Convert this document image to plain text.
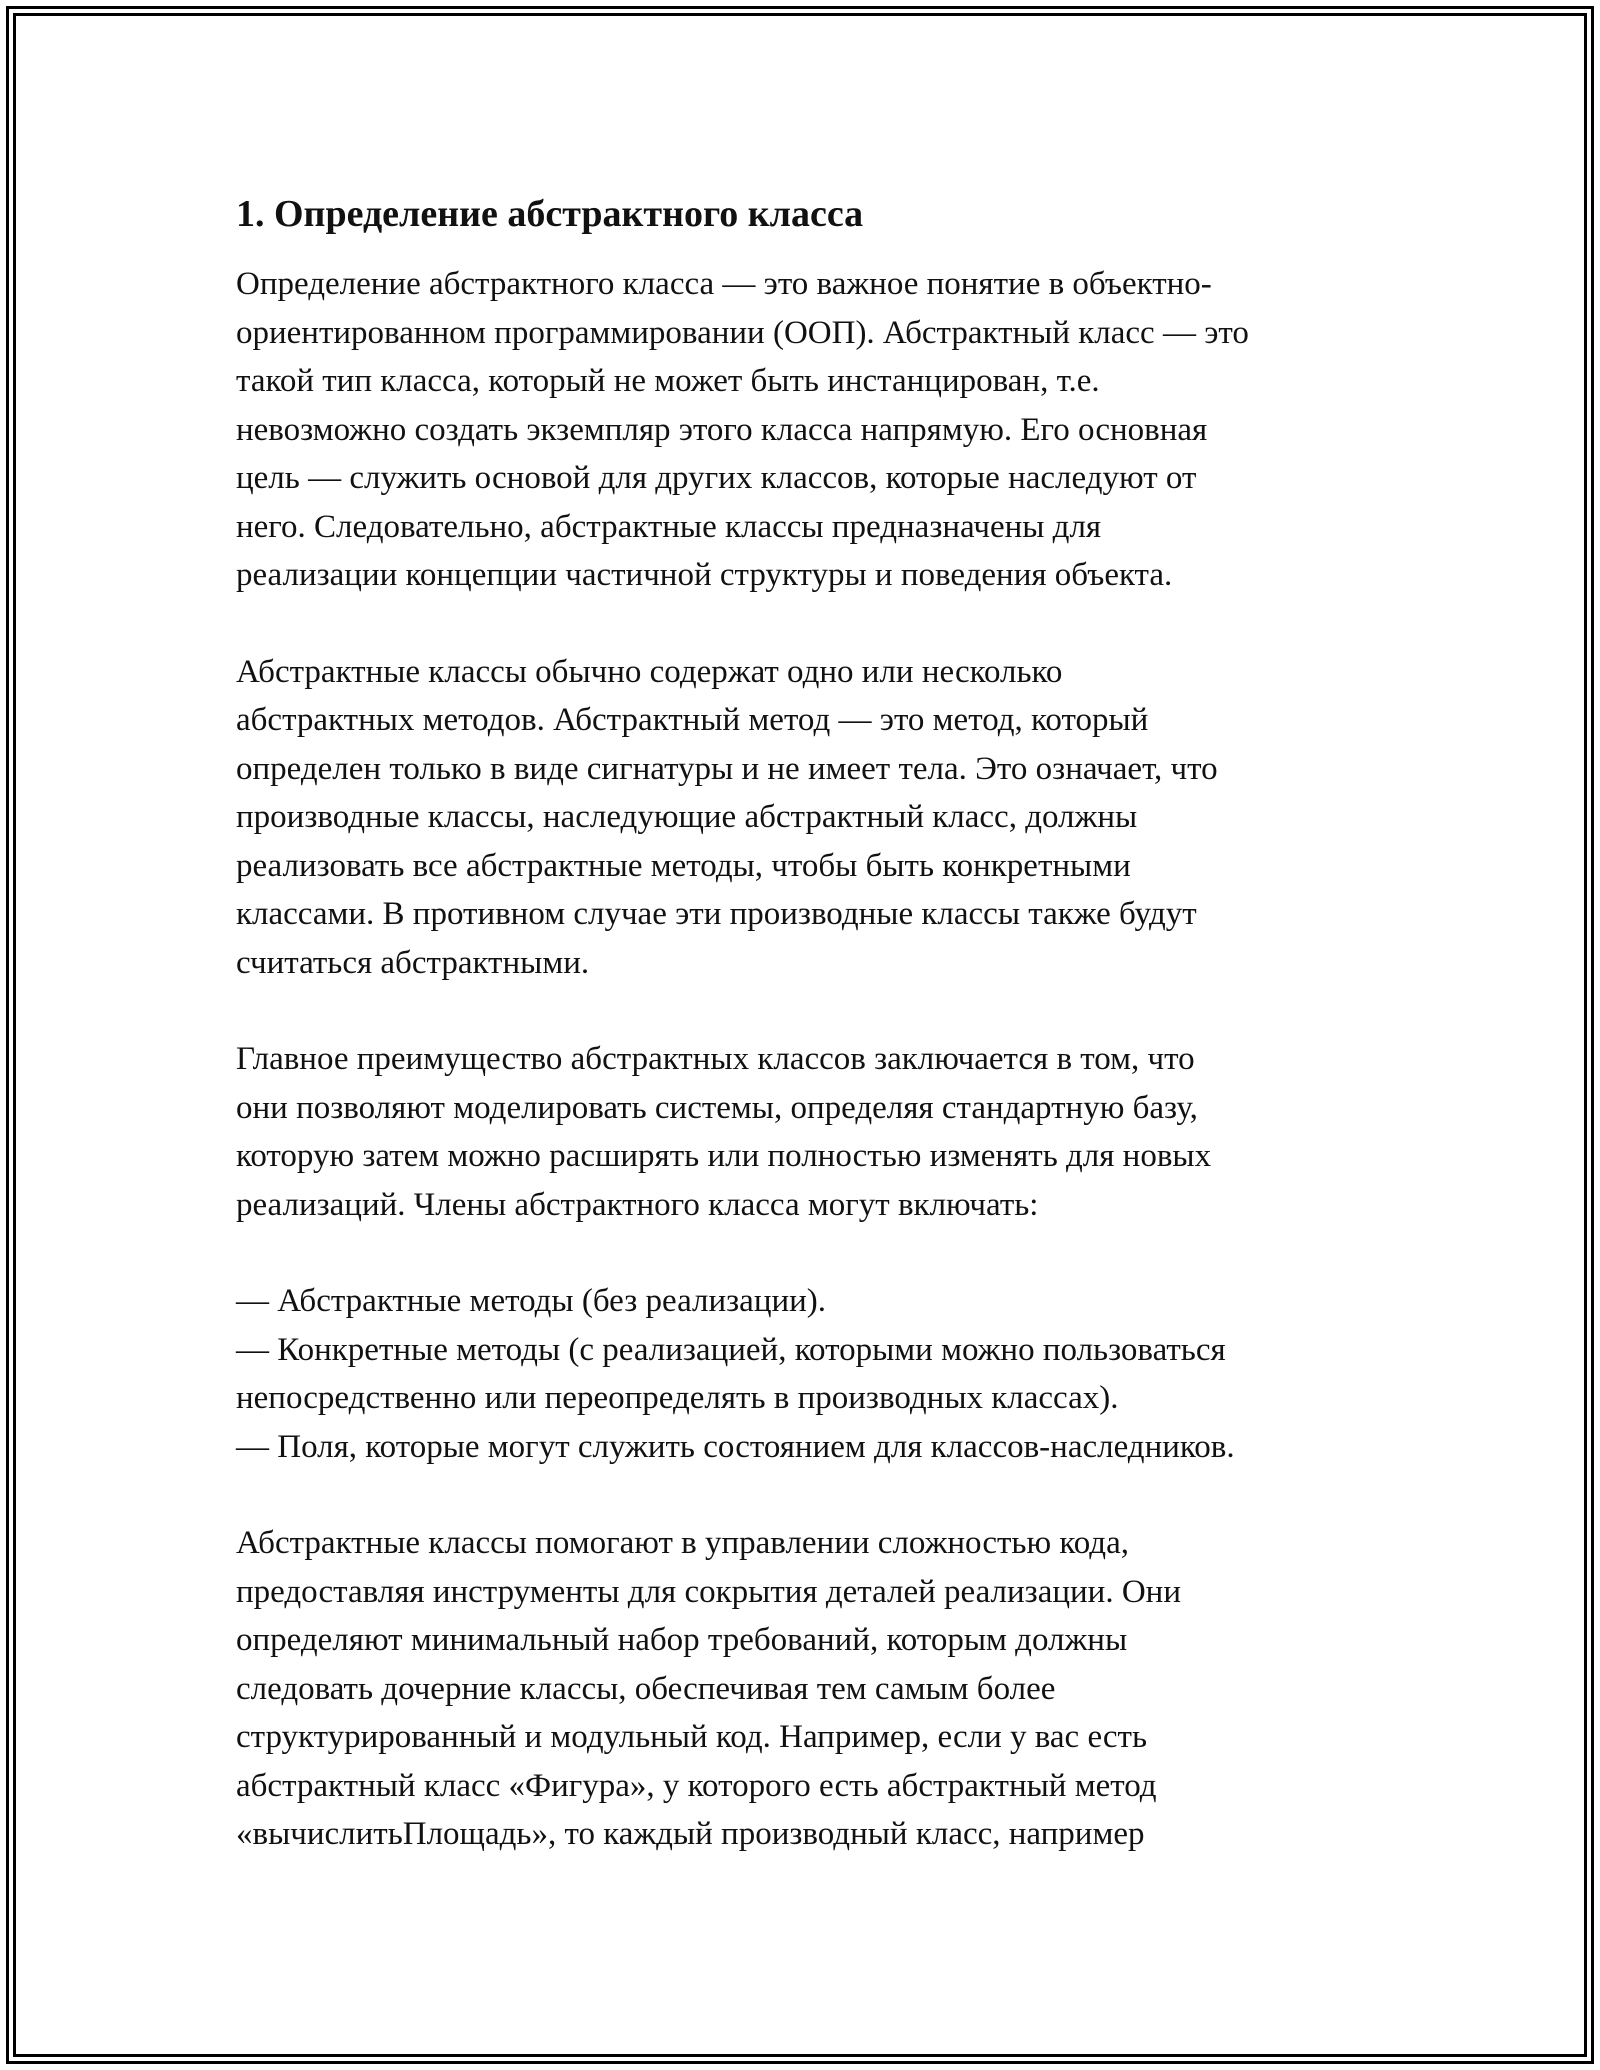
1. Определение абстрактного класса

Определение абстрактного класса — это важное понятие в объектно-
ориентированном программировании (ООП). Абстрактный класс — это
такой тип класса, который не может быть инстанцирован, т.е.
невозможно создать экземпляр этого класса напрямую. Его основная
цель — служить основой для других классов, которые наследуют от
него. Следовательно, абстрактные классы предназначены для
реализации концепции частичной структуры и поведения объекта.

Абстрактные классы обычно содержат одно или несколько
абстрактных методов. Абстрактный метод — это метод, который
определен только в виде сигнатуры и не имеет тела. Это означает, что
производные классы, наследующие абстрактный класс, должны
реализовать все абстрактные методы, чтобы быть конкретными
классами. В противном случае эти производные классы также будут
считаться абстрактными.

Главное преимущество абстрактных классов заключается в том, что
они позволяют моделировать системы, определяя стандартную базу,
которую затем можно расширять или полностью изменять для новых
реализаций. Члены абстрактного класса могут включать:

— Абстрактные методы (без реализации).
— Конкретные методы (с реализацией, которыми можно пользоваться
непосредственно или переопределять в производных классах).
— Поля, которые могут служить состоянием для классов-наследников.

Абстрактные классы помогают в управлении сложностью кода,
предоставляя инструменты для сокрытия деталей реализации. Они
определяют минимальный набор требований, которым должны
следовать дочерние классы, обеспечивая тем самым более
структурированный и модульный код. Например, если у вас есть
абстрактный класс «Фигура», у которого есть абстрактный метод
«вычислитьПлощадь», то каждый производный класс, например
